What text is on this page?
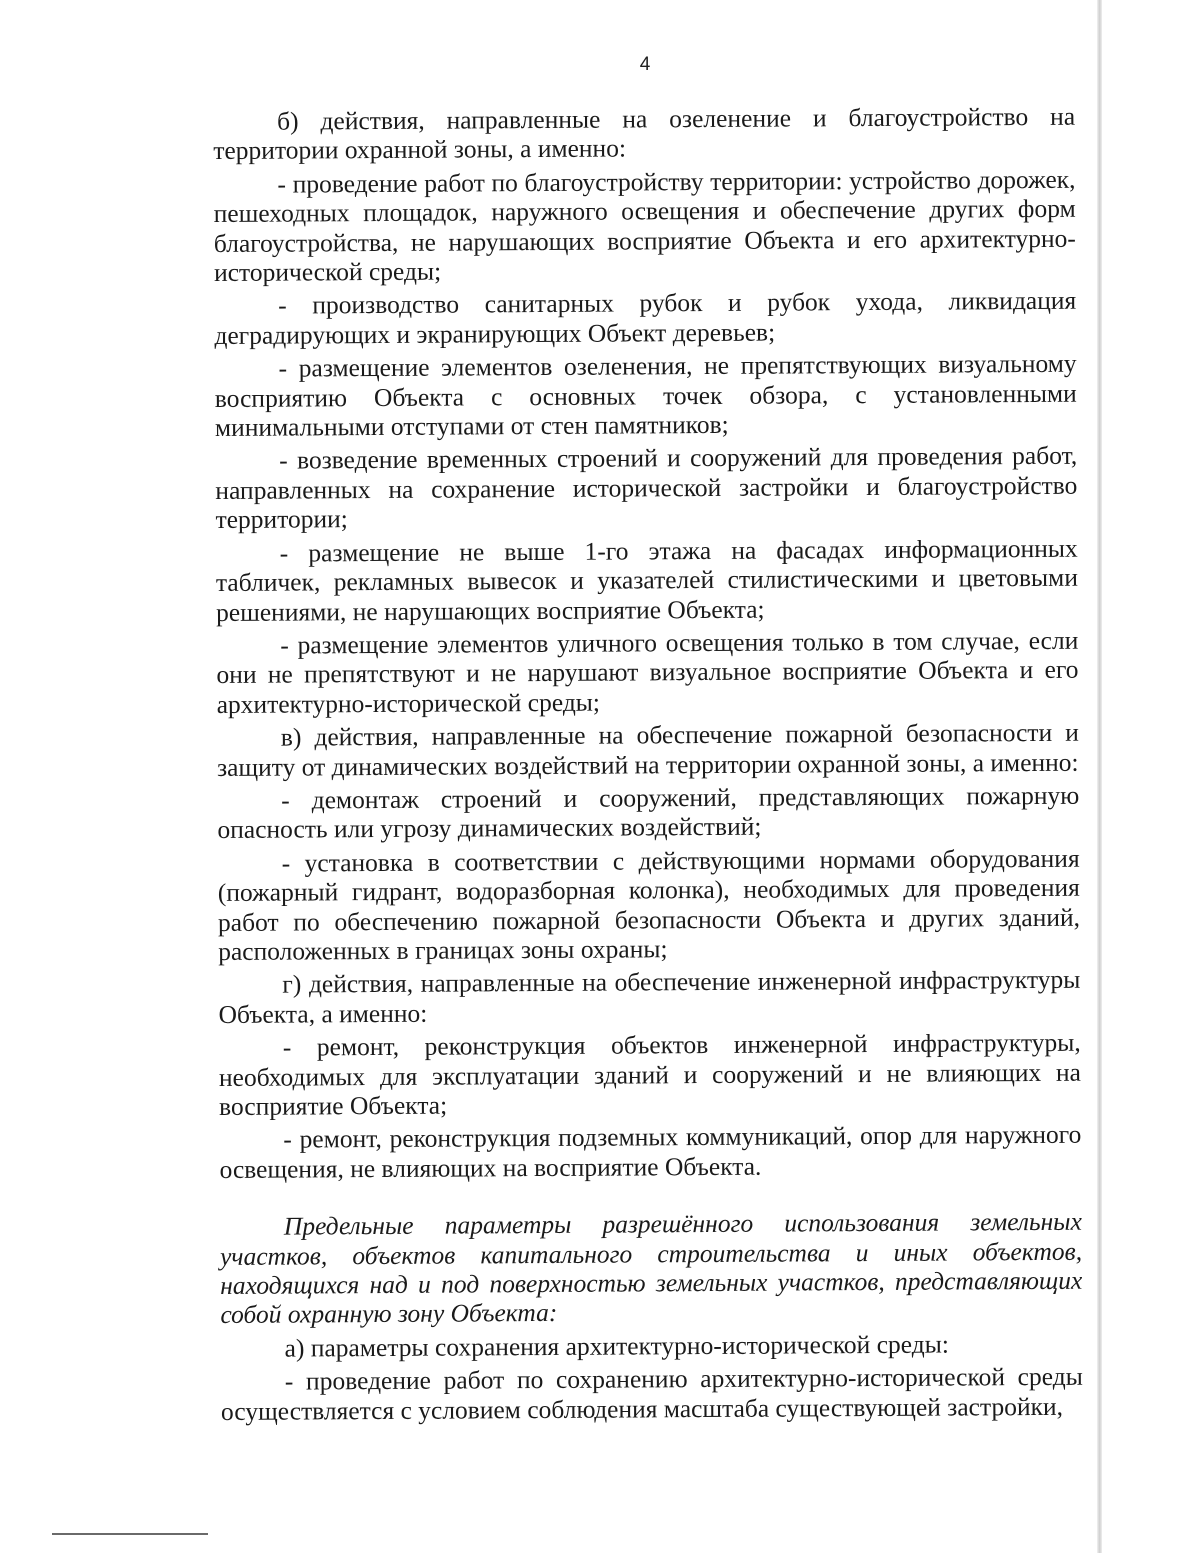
4

б) действия, направленные на озеленение и благоустройство на территории охранной зоны, а именно:

- проведение работ по благоустройству территории: устройство дорожек, пешеходных площадок, наружного освещения и обеспечение других форм благоустройства, не нарушающих восприятие Объекта и его архитектурно-исторической среды;

- производство санитарных рубок и рубок ухода, ликвидация деградирующих и экранирующих Объект деревьев;

- размещение элементов озеленения, не препятствующих визуальному восприятию Объекта с основных точек обзора, с установленными минимальными отступами от стен памятников;

- возведение временных строений и сооружений для проведения работ, направленных на сохранение исторической застройки и благоустройство территории;

- размещение не выше 1-го этажа на фасадах информационных табличек, рекламных вывесок и указателей стилистическими и цветовыми решениями, не нарушающих восприятие Объекта;

- размещение элементов уличного освещения только в том случае, если они не препятствуют и не нарушают визуальное восприятие Объекта и его архитектурно-исторической среды;

в) действия, направленные на обеспечение пожарной безопасности и защиту от динамических воздействий на территории охранной зоны, а именно:

- демонтаж строений и сооружений, представляющих пожарную опасность или угрозу динамических воздействий;

- установка в соответствии с действующими нормами оборудования (пожарный гидрант, водоразборная колонка), необходимых для проведения работ по обеспечению пожарной безопасности Объекта и других зданий, расположенных в границах зоны охраны;

г) действия, направленные на обеспечение инженерной инфраструктуры Объекта, а именно:

- ремонт, реконструкция объектов инженерной инфраструктуры, необходимых для эксплуатации зданий и сооружений и не влияющих на восприятие Объекта;

- ремонт, реконструкция подземных коммуникаций, опор для наружного освещения, не влияющих на восприятие Объекта.

Предельные параметры разрешённого использования земельных участков, объектов капитального строительства и иных объектов, находящихся над и под поверхностью земельных участков, представляющих собой охранную зону Объекта:

а) параметры сохранения архитектурно-исторической среды:

- проведение работ по сохранению архитектурно-исторической среды осуществляется с условием соблюдения масштаба существующей застройки,
